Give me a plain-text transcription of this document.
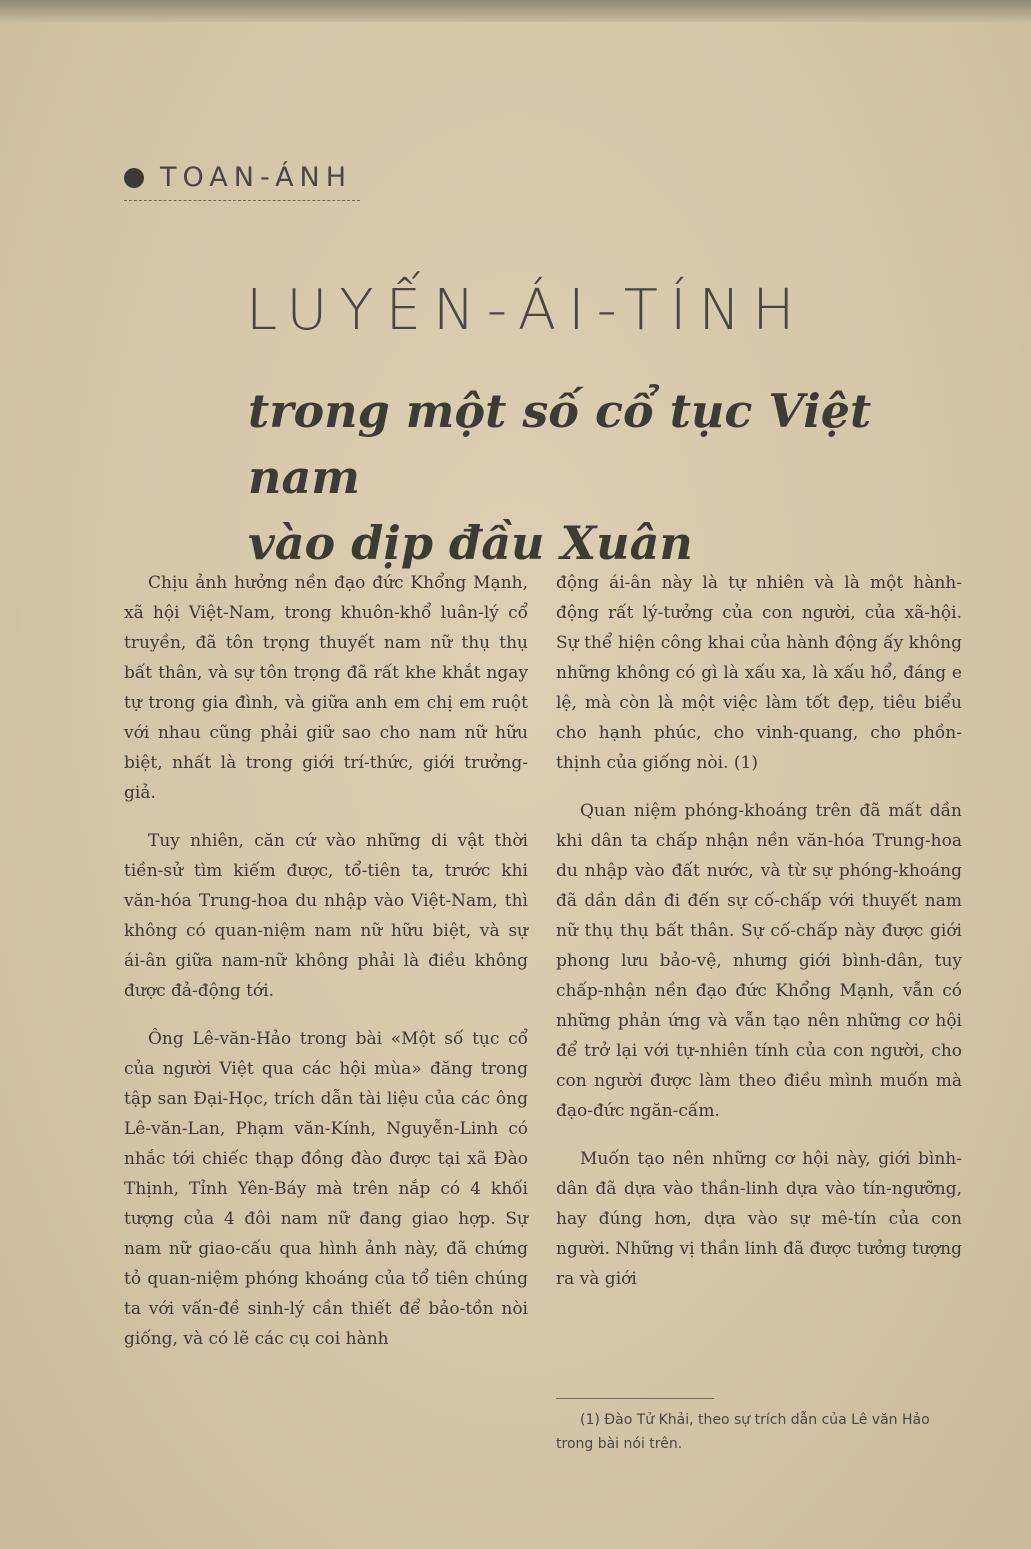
TOAN-ÁNH
LUYẾN-ÁI-TÍNH
trong một số cổ tục Việt nam
vào dịp đầu Xuân

Chịu ảnh hưởng nền đạo đức Khổng Mạnh, xã hội Việt-Nam, trong khuôn-khổ luân-lý cổ truyền, đã tôn trọng thuyết nam nữ thụ thụ bất thân, và sự tôn trọng đã rất khe khắt ngay tự trong gia đình, và giữa anh em chị em ruột với nhau cũng phải giữ sao cho nam nữ hữu biệt, nhất là trong giới trí-thức, giới trưởng-giả.

Tuy nhiên, căn cứ vào những di vật thời tiền-sử tìm kiếm được, tổ-tiên ta, trước khi văn-hóa Trung-hoa du nhập vào Việt-Nam, thì không có quan-niệm nam nữ hữu biệt, và sự ái-ân giữa nam-nữ không phải là điều không được đả-động tới.

Ông Lê-văn-Hảo trong bài «Một số tục cổ của người Việt qua các hội mùa» đăng trong tập san Đại-Học, trích dẫn tài liệu của các ông Lê-văn-Lan, Phạm văn-Kính, Nguyễn-Linh có nhắc tới chiếc thạp đồng đào được tại xã Đào Thịnh, Tỉnh Yên-Báy mà trên nắp có 4 khối tượng của 4 đôi nam nữ đang giao hợp. Sự nam nữ giao-cấu qua hình ảnh này, đã chứng tỏ quan-niệm phóng khoáng của tổ tiên chúng ta với vấn-đề sinh-lý cần thiết để bảo-tồn nòi giống, và có lẽ các cụ coi hành

động ái-ân này là tự nhiên và là một hành-động rất lý-tưởng của con người, của xã-hội. Sự thể hiện công khai của hành động ấy không những không có gì là xấu xa, là xấu hổ, đáng e lệ, mà còn là một việc làm tốt đẹp, tiêu biểu cho hạnh phúc, cho vinh-quang, cho phồn-thịnh của giống nòi. (1)

Quan niệm phóng-khoáng trên đã mất dần khi dân ta chấp nhận nền văn-hóa Trung-hoa du nhập vào đất nước, và từ sự phóng-khoáng đã dần dần đi đến sự cố-chấp với thuyết nam nữ thụ thụ bất thân. Sự cố-chấp này được giới phong lưu bảo-vệ, nhưng giới bình-dân, tuy chấp-nhận nền đạo đức Khổng Mạnh, vẫn có những phản ứng và vẫn tạo nên những cơ hội để trở lại với tự-nhiên tính của con người, cho con người được làm theo điều mình muốn mà đạo-đức ngăn-cấm.

Muốn tạo nên những cơ hội này, giới bình-dân đã dựa vào thần-linh dựa vào tín-ngưỡng, hay đúng hơn, dựa vào sự mê-tín của con người. Những vị thần linh đã được tưởng tượng ra và giới

(1) Đào Tử Khải, theo sự trích dẫn của Lê văn Hảo trong bài nói trên.
